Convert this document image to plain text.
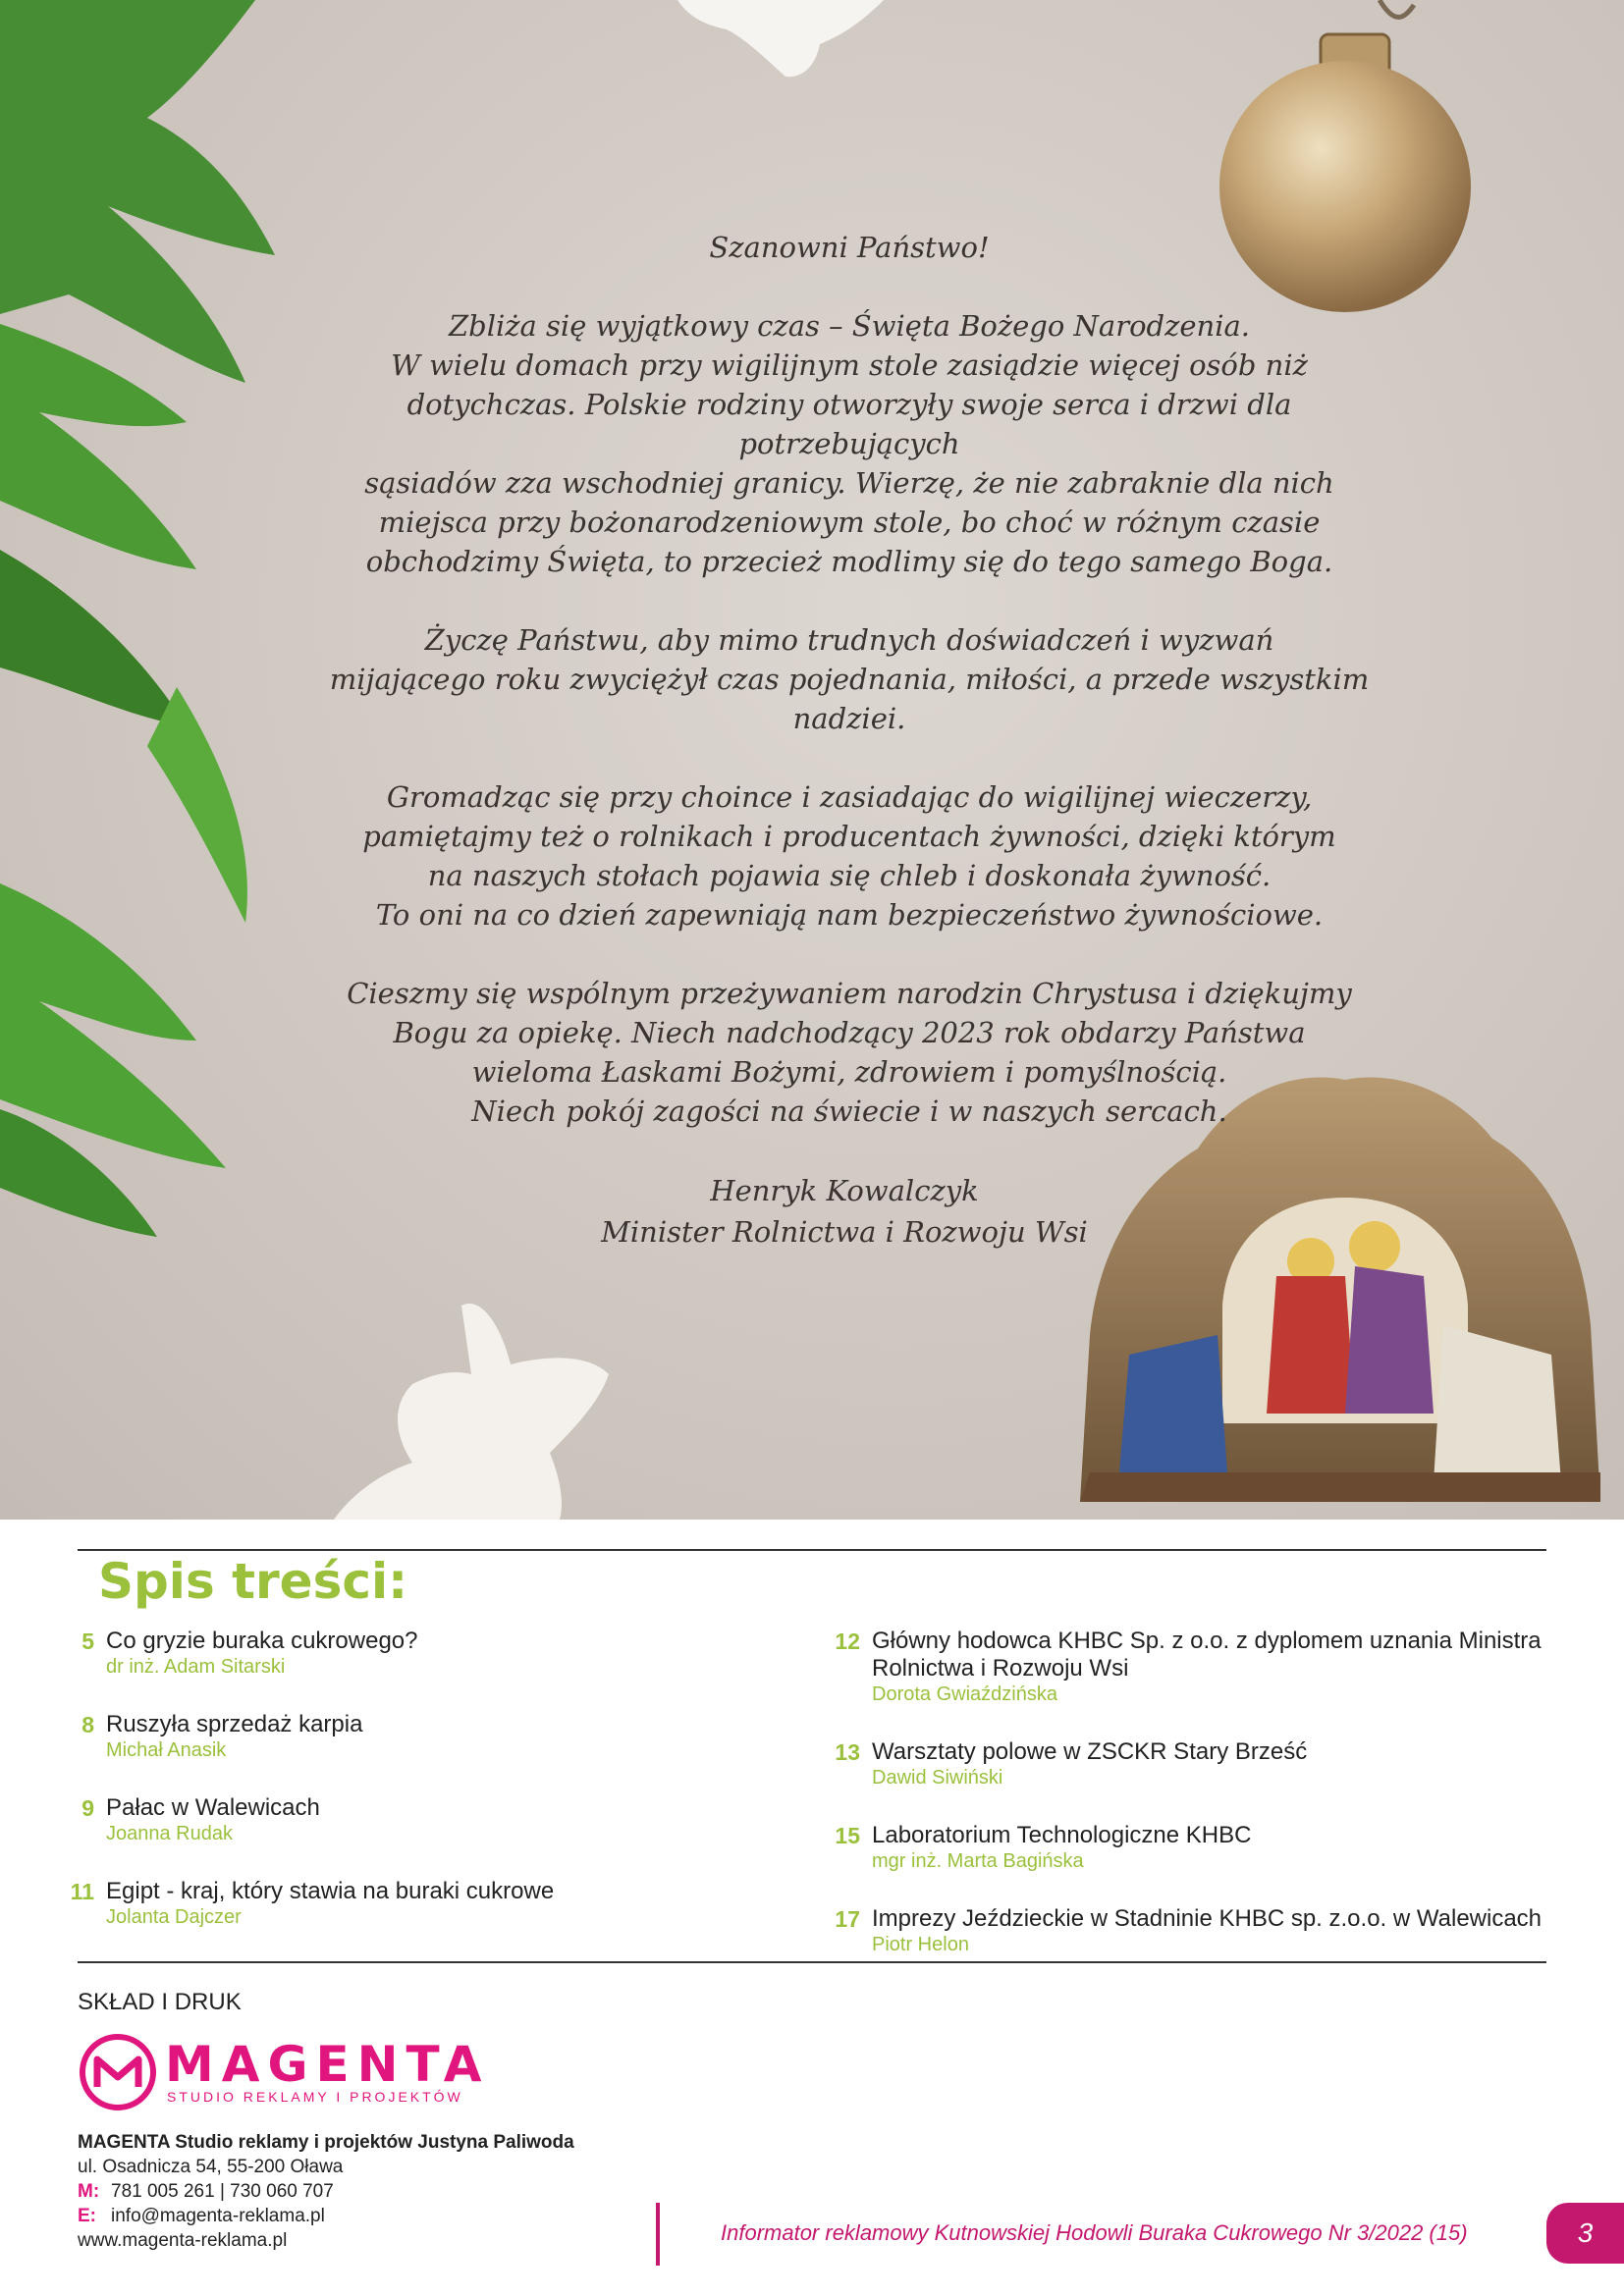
Szanowni Państwo!

Zbliża się wyjątkowy czas – Święta Bożego Narodzenia.
W wielu domach przy wigilijnym stole zasiądzie więcej osób niż
dotychczas. Polskie rodziny otworzyły swoje serca i drzwi dla potrzebujących
sąsiadów zza wschodniej granicy. Wierzę, że nie zabraknie dla nich
miejsca przy bożonarodzeniowym stole, bo choć w różnym czasie
obchodzimy Święta, to przecież modlimy się do tego samego Boga.

Życzę Państwu, aby mimo trudnych doświadczeń i wyzwań
mijającego roku zwyciężył czas pojednania, miłości, a przede wszystkim nadziei.

Gromadząc się przy choince i zasiadając do wigilijnej wieczerzy,
pamiętajmy też o rolnikach i producentach żywności, dzięki którym
na naszych stołach pojawia się chleb i doskonała żywność.
To oni na co dzień zapewniają nam bezpieczeństwo żywnościowe.

Cieszmy się wspólnym przeżywaniem narodzin Chrystusa i dziękujmy
Bogu za opiekę. Niech nadchodzący 2023 rok obdarzy Państwa
wieloma Łaskami Bożymi, zdrowiem i pomyślnością.
Niech pokój zagości na świecie i w naszych sercach.

Henryk Kowalczyk
Minister Rolnictwa i Rozwoju Wsi
Spis treści:
5 Co gryzie buraka cukrowego?
dr inż. Adam Sitarski
8 Ruszyła sprzedaż karpia
Michał Anasik
9 Pałac w Walewicach
Joanna Rudak
11 Egipt - kraj, który stawia na buraki cukrowe
Jolanta Dajczer
12 Główny hodowca KHBC Sp. z o.o. z dyplomem uznania Ministra Rolnictwa i Rozwoju Wsi
Dorota Gwiaździńska
13 Warsztaty polowe w ZSCKR Stary Brześć
Dawid Siwiński
15 Laboratorium Technologiczne KHBC
mgr inż. Marta Bagińska
17 Imprezy Jeździeckie w Stadninie KHBC sp. z.o.o. w Walewicach
Piotr Helon
SKŁAD I DRUK
MAGENTA
STUDIO REKLAMY I PROJEKTÓW
MAGENTA Studio reklamy i projektów Justyna Paliwoda
ul. Osadnicza 54, 55-200 Oława
M: 781 005 261 | 730 060 707
E: info@magenta-reklama.pl
www.magenta-reklama.pl	Informator reklamowy Kutnowskiej Hodowli Buraka Cukrowego Nr 3/2022 (15)	3
